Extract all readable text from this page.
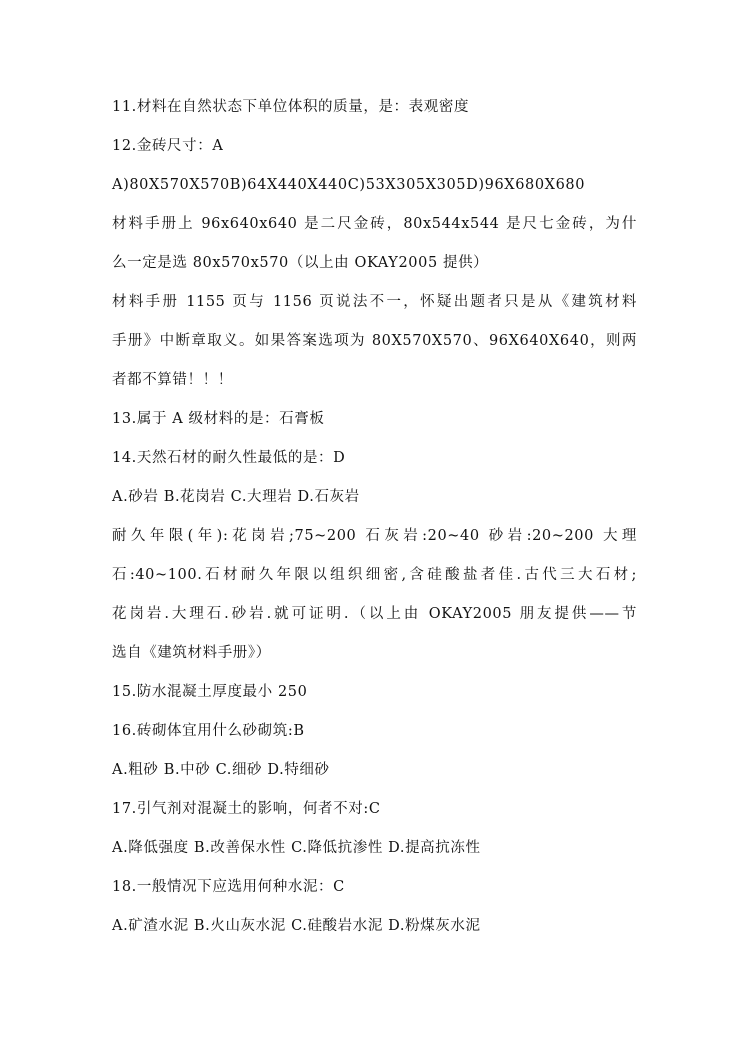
11.材料在自然状态下单位体积的质量，是：表观密度
12.金砖尺寸：A
A)80X570X570B)64X440X440C)53X305X305D)96X680X680
材料手册上 96x640x640 是二尺金砖，80x544x544 是尺七金砖，为什
么一定是选 80x570x570（以上由 OKAY2005 提供）
材料手册 1155 页与 1156 页说法不一，怀疑出题者只是从《建筑材料
手册》中断章取义。如果答案选项为 80X570X570、96X640X640，则两
者都不算错！！！
13.属于 A 级材料的是：石膏板
14.天然石材的耐久性最低的是：D
A.砂岩 B.花岗岩 C.大理岩 D.石灰岩
耐久年限(年):花岗岩;75~200 石灰岩:20~40 砂岩:20~200 大理
石:40~100.石材耐久年限以组织细密,含硅酸盐者佳.古代三大石材;
花岗岩.大理石.砂岩.就可证明.（以上由 OKAY2005 朋友提供——节
选自《建筑材料手册》）
15.防水混凝土厚度最小 250
16.砖砌体宜用什么砂砌筑:B
A.粗砂 B.中砂 C.细砂 D.特细砂
17.引气剂对混凝土的影响，何者不对:C
A.降低强度 B.改善保水性 C.降低抗渗性 D.提高抗冻性
18.一般情况下应选用何种水泥：C
A.矿渣水泥 B.火山灰水泥 C.硅酸岩水泥 D.粉煤灰水泥
